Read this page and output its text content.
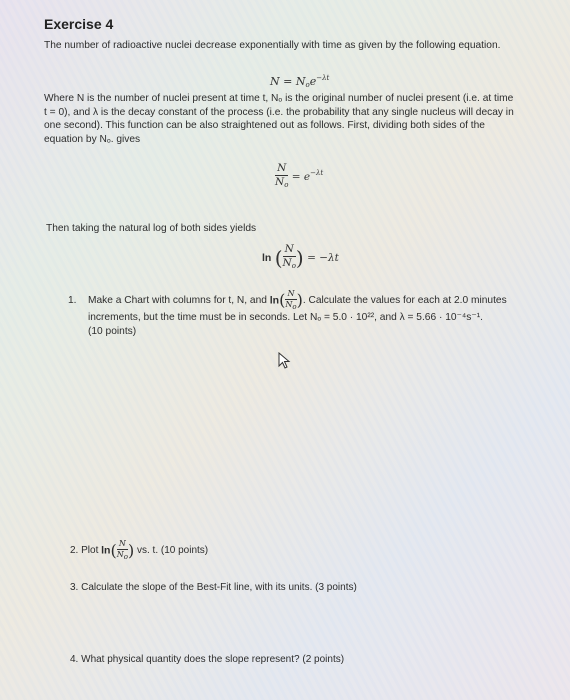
Exercise 4
The number of radioactive nuclei decrease exponentially with time as given by the following equation.
$N = N_oe^{-\lambda t}$

Where N is the number of nuclei present at time t, Nₒ is the original number of nuclei present (i.e. at time

t = 0), and λ is the decay constant of the process (i.e. the probability that any single nucleus will decay in

one second). This function can be also straightened out as follows. First, dividing both sides of the

equation by Nₒ. gives

$\frac{N}{N_o} = e^{-\lambda t}$
Then taking the natural log of both sides yields
ln ( $\frac{N}{N_o}$ ) = −λt
1. Make a Chart with columns for t, N, and $\ln( \frac{N}{No}$ ). Calculate the values for each at 2.0 minutes
increments, but the time must be in seconds. Let Nₒ = 5.0 · 10²², and λ = 5.66 · 10⁻⁴s⁻¹.
(10 points)
2. Plot $\ln( \frac{N}{No}$ ) vs. t. (10 points)
3. Calculate the slope of the Best-Fit line, with its units. (3 points)
4. What physical quantity does the slope represent? (2 points)
